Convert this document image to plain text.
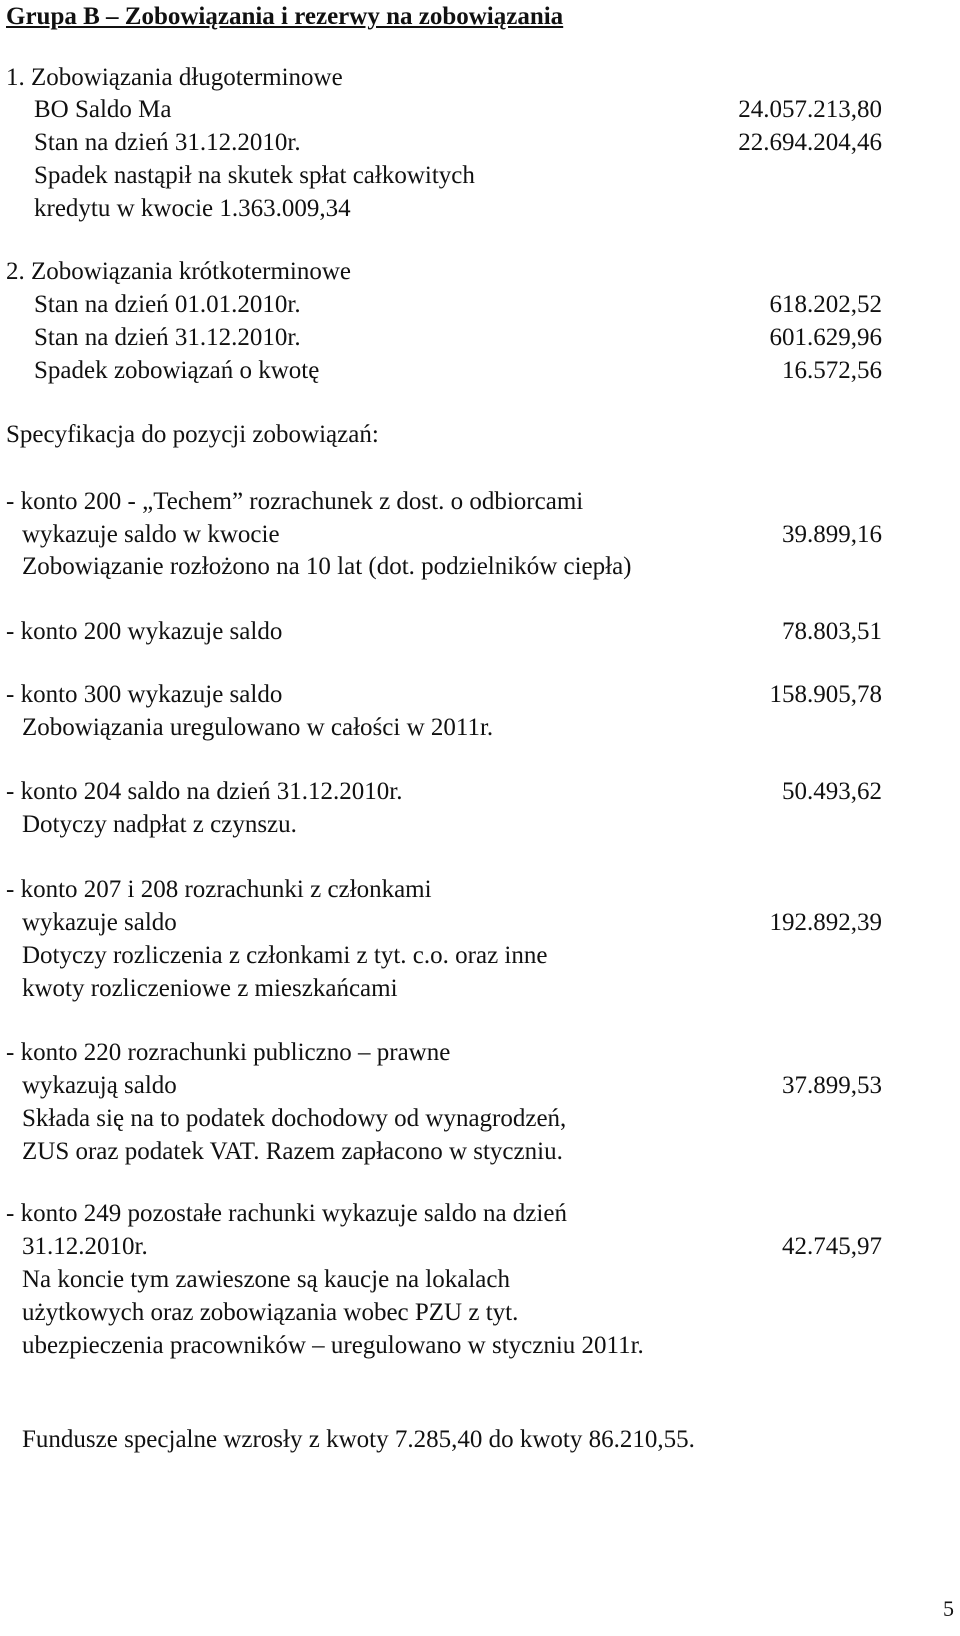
Grupa B – Zobowiązania i rezerwy na zobowiązania
1. Zobowiązania długoterminowe
BO Saldo Ma	24.057.213,80
Stan na dzień 31.12.2010r.	22.694.204,46
Spadek nastąpił na skutek spłat całkowitych
kredytu w kwocie 1.363.009,34
2. Zobowiązania krótkoterminowe
Stan na dzień 01.01.2010r.	618.202,52
Stan na dzień 31.12.2010r.	601.629,96
Spadek zobowiązań o kwotę	16.572,56
Specyfikacja do pozycji zobowiązań:
- konto 200 - „Techem” rozrachunek z dost. o odbiorcami
wykazuje saldo w kwocie	39.899,16
Zobowiązanie rozłożono na 10 lat (dot. podzielników ciepła)
- konto 200 wykazuje saldo	78.803,51
- konto 300 wykazuje saldo	158.905,78
Zobowiązania uregulowano w całości w 2011r.
- konto 204 saldo na dzień 31.12.2010r.	50.493,62
Dotyczy nadpłat z czynszu.
- konto 207 i 208 rozrachunki z członkami
wykazuje saldo	192.892,39
Dotyczy rozliczenia z członkami z tyt. c.o. oraz inne
kwoty rozliczeniowe z mieszkańcami
- konto 220 rozrachunki publiczno – prawne
wykazują saldo	37.899,53
Składa się na to podatek dochodowy od wynagrodzeń,
ZUS oraz podatek VAT. Razem zapłacono w styczniu.
- konto 249 pozostałe rachunki wykazuje saldo na dzień
31.12.2010r.	42.745,97
Na koncie tym zawieszone są kaucje na lokalach
użytkowych oraz zobowiązania wobec PZU z tyt.
ubezpieczenia pracowników – uregulowano w styczniu 2011r.
Fundusze specjalne wzrosły z kwoty 7.285,40 do kwoty 86.210,55.
5
